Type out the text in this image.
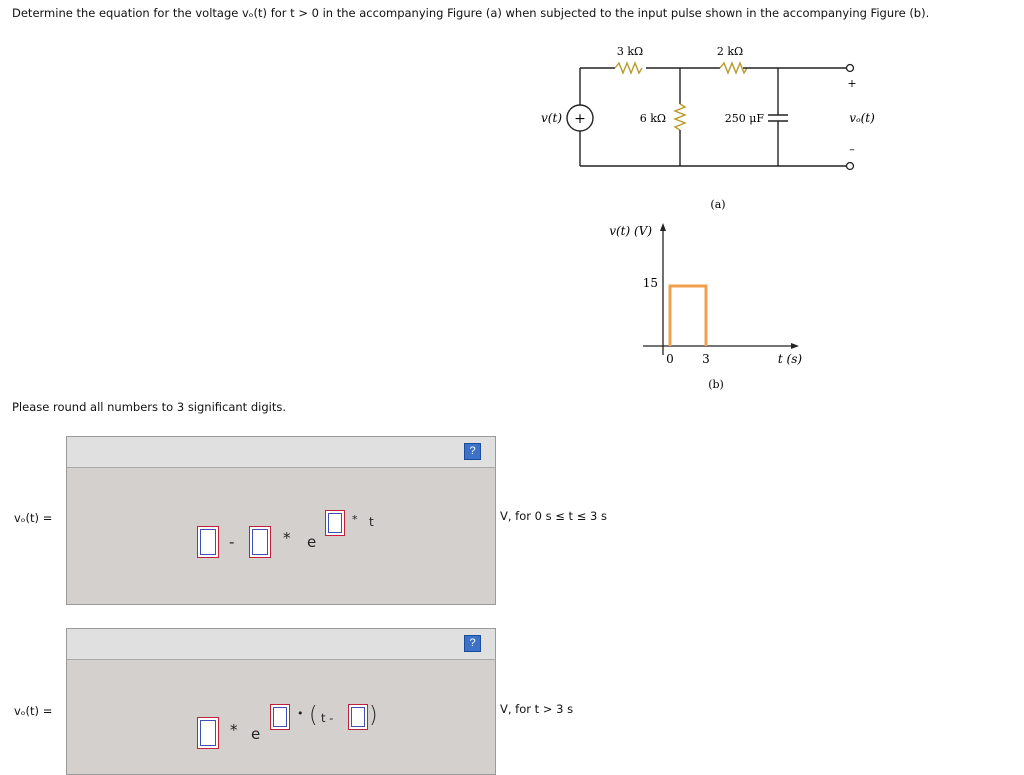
Determine the equation for the voltage vₒ(t) for t > 0 in the accompanying Figure (a) when subjected to the input pulse shown in the accompanying Figure (b).
+
3 kΩ	2 kΩ
6 kΩ	250 μF
v(t)
+
–
vₒ(t)
(a)
v(t) (V)
15
0 3	t (s)
(b)
Please round all numbers to 3 significant digits.
vₒ(t) =
?
-	* e
* t	V, for 0 s ≤ t ≤ 3 s
vₒ(t) =
?
* e
• ( t - )	V, for t > 3 s
